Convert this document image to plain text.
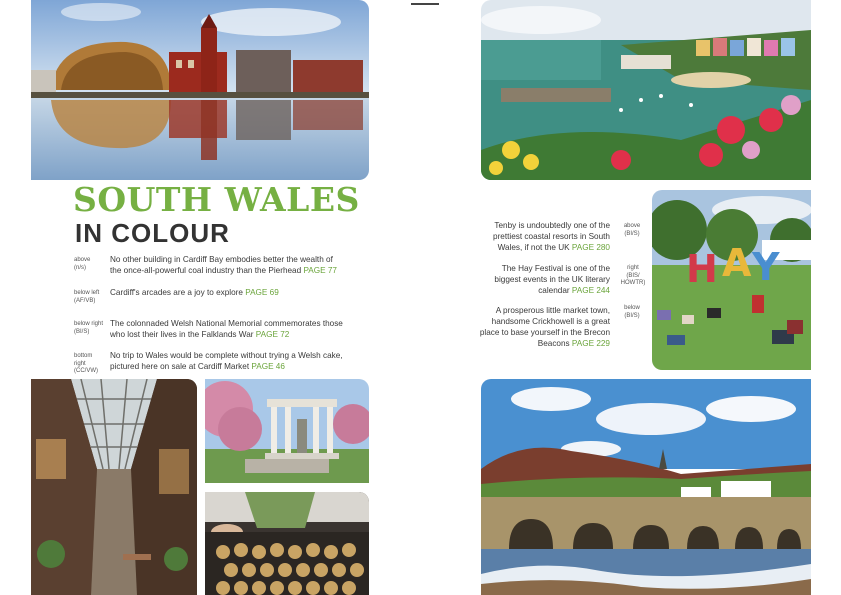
SOUTH WALES
IN COLOUR
above
(n/s)
No other building in Cardiff Bay embodies better the wealth of the once-all-powerful coal industry than the Pierhead PAGE 77
below left
(AF/VB)
Cardiff's arcades are a joy to explore PAGE 69
below right
(BI/S)
The colonnaded Welsh National Memorial commemorates those who lost their lives in the Falklands War PAGE 72
bottom
right
(CC/VW)
No trip to Wales would be complete without trying a Welsh cake, pictured here on sale at Cardiff Market PAGE 46
Tenby is undoubtedly one of the prettiest coastal resorts in South Wales, if not the UK PAGE 280
above
(BI/S)
The Hay Festival is one of the biggest events in the UK literary calendar PAGE 244
right
(BIS/
HOWTR)
A prosperous little market town, handsome Crickhowell is a great place to base yourself in the Brecon Beacons PAGE 229
below
(BI/S)
H A Y
